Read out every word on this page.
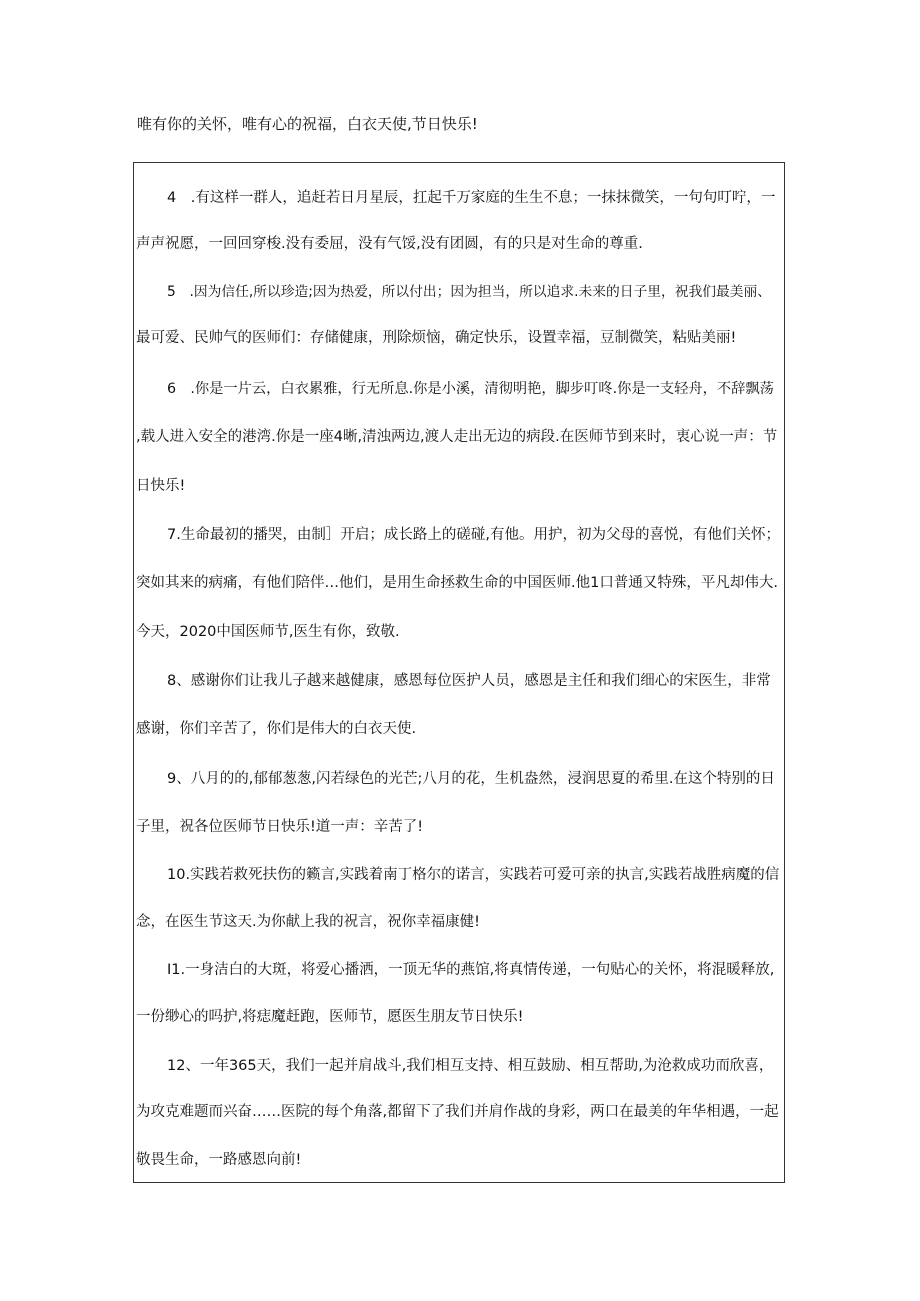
唯有你的关怀，唯有心的祝福，白衣天使,节日快乐!

4　.有这样一群人，追赶若日月星辰，扛起千万家庭的生生不息；一抹抹微笑，一句句叮咛，一
声声祝愿，一回回穿梭.没有委屈，没有气馁,没有团圆，有的只是对生命的尊重.
5　.因为信任,所以珍造;因为热爱，所以付出；因为担当，所以追求.未来的日子里，祝我们最美丽、
最可爱、民帅气的医师们：存储健康，刑除烦恼，确定快乐，设置幸福，豆制微笑，粘贴美丽!
6　.你是一片云，白衣累雅，行无所息.你是小溪，清彻明艳，脚步叮咚.你是一支轻舟，不辞飘荡
,载人进入安全的港湾.你是一座4晰,清浊两边,渡人走出无边的病段.在医师节到来时，衷心说一声：节
日快乐!
7.生命最初的播哭，由制］开启；成长路上的磋碰,有他。用护，初为父母的喜悦，有他们关怀；
突如其来的病痛，有他们陪伴…他们，是用生命拯救生命的中国医师.他1口普通又特殊，平凡却伟大.
今天，2020中国医师节,医生有你，致敬.
8、感谢你们让我儿子越来越健康，感恩每位医护人员，感恩是主任和我们细心的宋医生，非常
感谢，你们辛苦了，你们是伟大的白衣天使.
9、八月的的,郁郁葱葱,闪若绿色的光芒;八月的花，生机盎然，浸润思夏的希里.在这个特别的日
子里，祝各位医师节日快乐!道一声：辛苦了!
10.实践若救死扶伤的籁言,实践着南丁格尔的诺言，实践若可爱可亲的执言,实践若战胜病魔的信
念，在医生节这天.为你献上我的祝言，祝你幸福康健!
I1.一身洁白的大斑，将爱心播洒，一顶无华的燕馆,将真情传递，一句贴心的关怀，将混暖释放,
一份缈心的吗护,将痣魔赶跑，医师节，愿医生朋友节日快乐!
12、一年365天，我们一起并肩战斗,我们相互支持、相互鼓励、相互帮助,为沧救成功而欣喜，
为攻克难题而兴奋……医院的每个角落,都留下了我们并肩作战的身彩，两口在最美的年华相遇，一起
敬畏生命，一路感恩向前!
